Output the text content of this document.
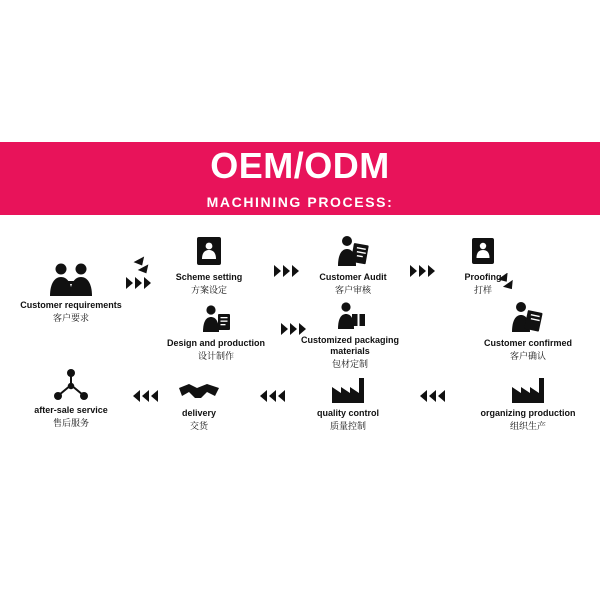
OEM/ODM
MACHINING PROCESS:
Customer requirements
客户要求
Scheme setting
方案设定
Customer Audit
客户审核
Proofing
打样
Customer confirmed
客户确认
Design and production
设计制作
Customized packaging materials
包材定制
organizing production
组织生产
quality control
质量控制
delivery
交货
after-sale service
售后服务
